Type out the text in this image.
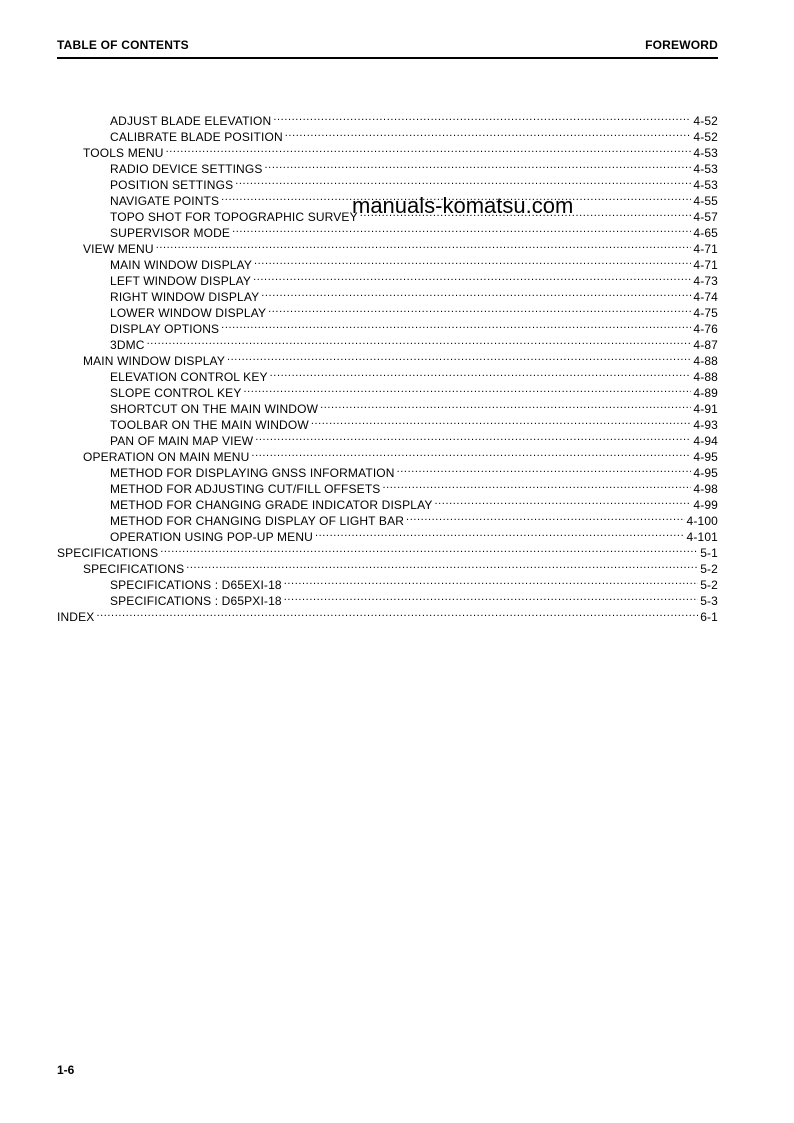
TABLE OF CONTENTS	FOREWORD
ADJUST BLADE ELEVATION .....	4-52
CALIBRATE BLADE POSITION .....	4-52
TOOLS MENU .....	4-53
RADIO DEVICE SETTINGS .....	4-53
POSITION SETTINGS .....	4-53
NAVIGATE POINTS .....	4-55
TOPO SHOT FOR TOPOGRAPHIC SURVEY .....	4-57
SUPERVISOR MODE .....	4-65
VIEW MENU .....	4-71
MAIN WINDOW DISPLAY .....	4-71
LEFT WINDOW DISPLAY .....	4-73
RIGHT WINDOW DISPLAY .....	4-74
LOWER WINDOW DISPLAY .....	4-75
DISPLAY OPTIONS .....	4-76
3DMC .....	4-87
MAIN WINDOW DISPLAY .....	4-88
ELEVATION CONTROL KEY .....	4-88
SLOPE CONTROL KEY .....	4-89
SHORTCUT ON THE MAIN WINDOW .....	4-91
TOOLBAR ON THE MAIN WINDOW .....	4-93
PAN OF MAIN MAP VIEW .....	4-94
OPERATION ON MAIN MENU .....	4-95
METHOD FOR DISPLAYING GNSS INFORMATION .....	4-95
METHOD FOR ADJUSTING CUT/FILL OFFSETS .....	4-98
METHOD FOR CHANGING GRADE INDICATOR DISPLAY .....	4-99
METHOD FOR CHANGING DISPLAY OF LIGHT BAR .....	4-100
OPERATION USING POP-UP MENU .....	4-101
SPECIFICATIONS .....	5-1
SPECIFICATIONS .....	5-2
SPECIFICATIONS : D65EXI-18 .....	5-2
SPECIFICATIONS : D65PXI-18 .....	5-3
INDEX .....	6-1
manuals-komatsu.com
1-6
